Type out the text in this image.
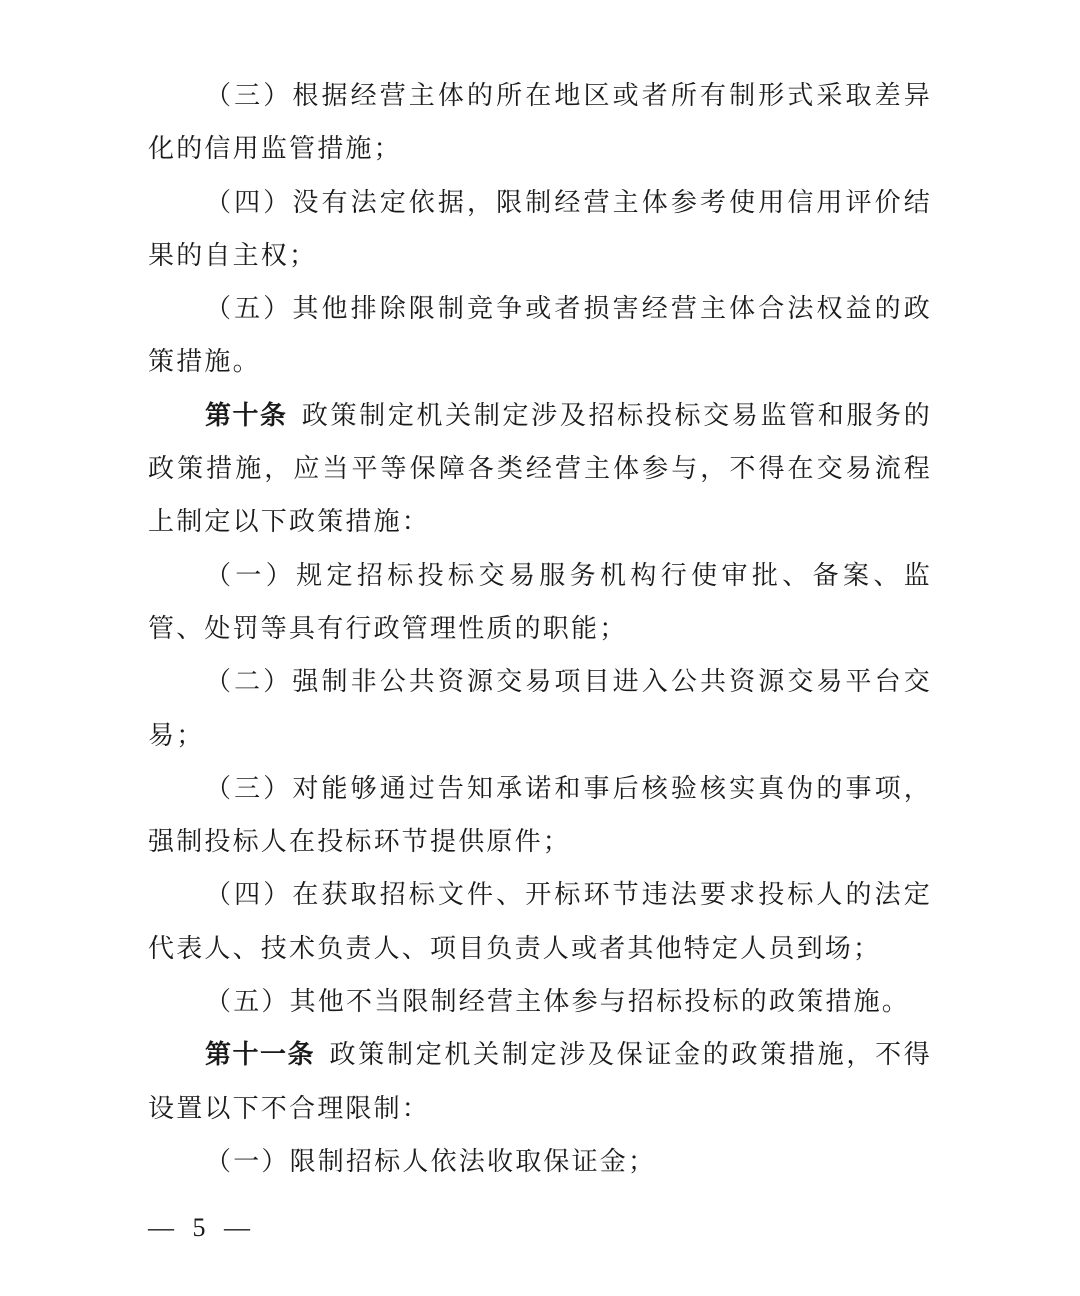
（三）根据经营主体的所在地区或者所有制形式采取差异化的信用监管措施；

（四）没有法定依据，限制经营主体参考使用信用评价结果的自主权；

（五）其他排除限制竞争或者损害经营主体合法权益的政策措施。

第十条 政策制定机关制定涉及招标投标交易监管和服务的政策措施，应当平等保障各类经营主体参与，不得在交易流程上制定以下政策措施：

（一）规定招标投标交易服务机构行使审批、备案、监管、处罚等具有行政管理性质的职能；

（二）强制非公共资源交易项目进入公共资源交易平台交易；

（三）对能够通过告知承诺和事后核验核实真伪的事项，强制投标人在投标环节提供原件；

（四）在获取招标文件、开标环节违法要求投标人的法定代表人、技术负责人、项目负责人或者其他特定人员到场；

（五）其他不当限制经营主体参与招标投标的政策措施。

第十一条 政策制定机关制定涉及保证金的政策措施，不得设置以下不合理限制：

（一）限制招标人依法收取保证金；

— 5 —
